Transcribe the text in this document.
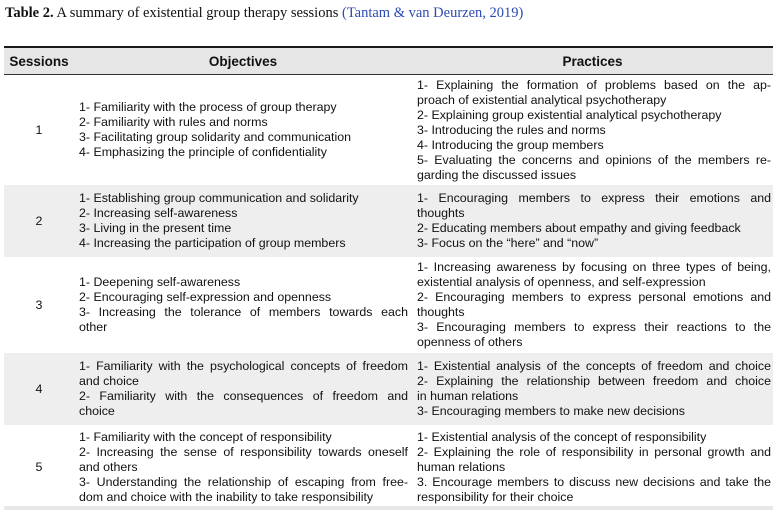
Table 2. A summary of existential group therapy sessions (Tantam & van Deurzen, 2019)
Sessions	Objectives	Practices
1
1- Familiarity with the process of group therapy
2- Familiarity with rules and norms
3- Facilitating group solidarity and communication
4- Emphasizing the principle of confidentiality
1- Explaining the formation of problems based on the ap-
proach of existential analytical psychotherapy
2- Explaining group existential analytical psychotherapy
3- Introducing the rules and norms
4- Introducing the group members
5- Evaluating the concerns and opinions of the members re-
garding the discussed issues
2
1- Establishing group communication and solidarity
2- Increasing self-awareness
3- Living in the present time
4- Increasing the participation of group members
1- Encouraging members to express their emotions and
thoughts
2- Educating members about empathy and giving feedback
3- Focus on the “here” and “now”
3
1- Deepening self-awareness
2- Encouraging self-expression and openness
3- Increasing the tolerance of members towards each
other
1- Increasing awareness by focusing on three types of being,
existential analysis of openness, and self-expression
2- Encouraging members to express personal emotions and
thoughts
3- Encouraging members to express their reactions to the
openness of others
4
1- Familiarity with the psychological concepts of freedom
and choice
2- Familiarity with the consequences of freedom and
choice
1- Existential analysis of the concepts of freedom and choice
2- Explaining the relationship between freedom and choice
in human relations
3- Encouraging members to make new decisions
5
1- Familiarity with the concept of responsibility
2- Increasing the sense of responsibility towards oneself
and others
3- Understanding the relationship of escaping from free-
dom and choice with the inability to take responsibility
1- Existential analysis of the concept of responsibility
2- Explaining the role of responsibility in personal growth and
human relations
3. Encourage members to discuss new decisions and take the
responsibility for their choice
